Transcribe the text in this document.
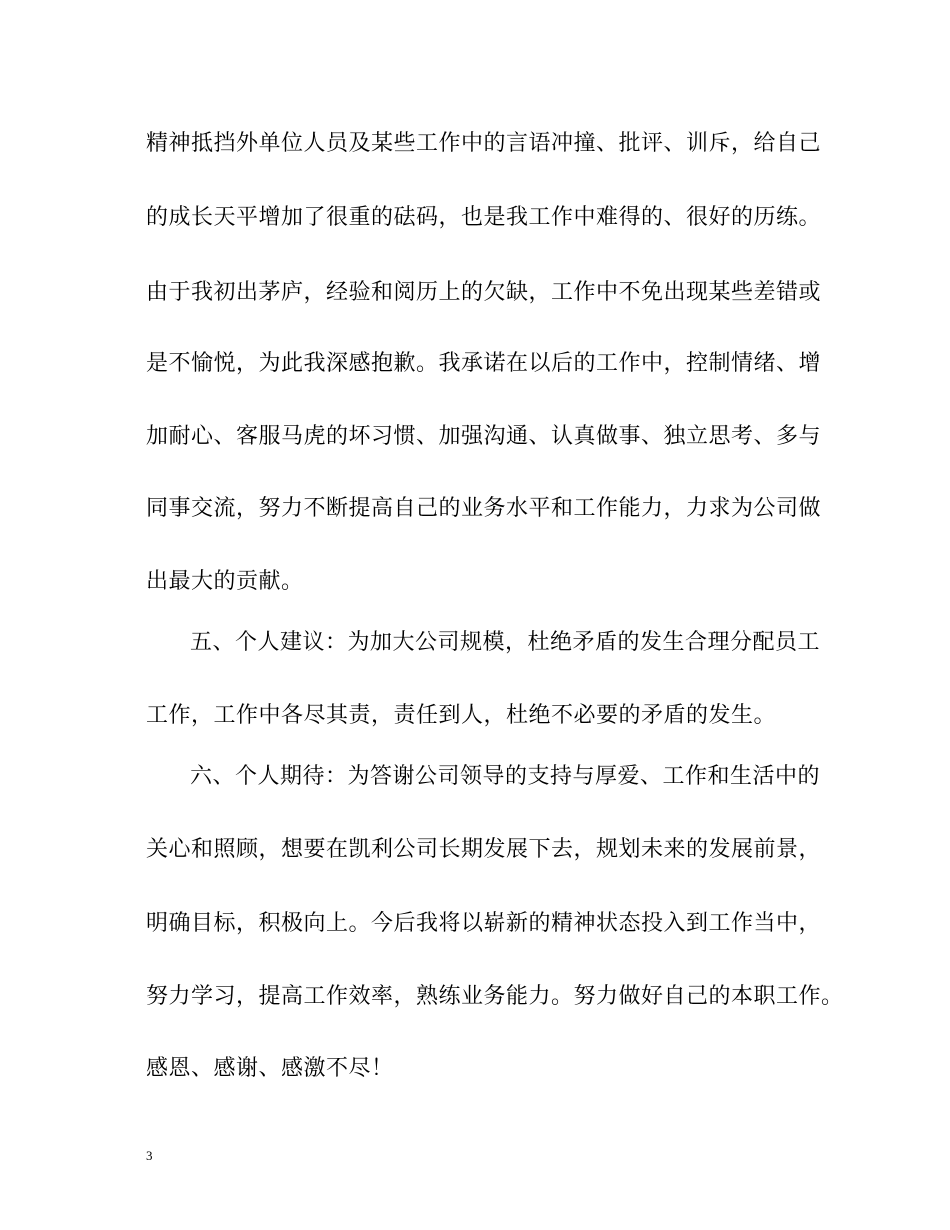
精神抵挡外单位人员及某些工作中的言语冲撞、批评、训斥，给自己
的成长天平增加了很重的砝码，也是我工作中难得的、很好的历练。
由于我初出茅庐，经验和阅历上的欠缺，工作中不免出现某些差错或
是不愉悦，为此我深感抱歉。我承诺在以后的工作中，控制情绪、增
加耐心、客服马虎的坏习惯、加强沟通、认真做事、独立思考、多与
同事交流，努力不断提高自己的业务水平和工作能力，力求为公司做
出最大的贡献。
五、个人建议：为加大公司规模，杜绝矛盾的发生合理分配员工
工作，工作中各尽其责，责任到人，杜绝不必要的矛盾的发生。
六、个人期待：为答谢公司领导的支持与厚爱、工作和生活中的
关心和照顾，想要在凯利公司长期发展下去，规划未来的发展前景，
明确目标，积极向上。今后我将以崭新的精神状态投入到工作当中，
努力学习，提高工作效率，熟练业务能力。努力做好自己的本职工作。
感恩、感谢、感激不尽！
3
